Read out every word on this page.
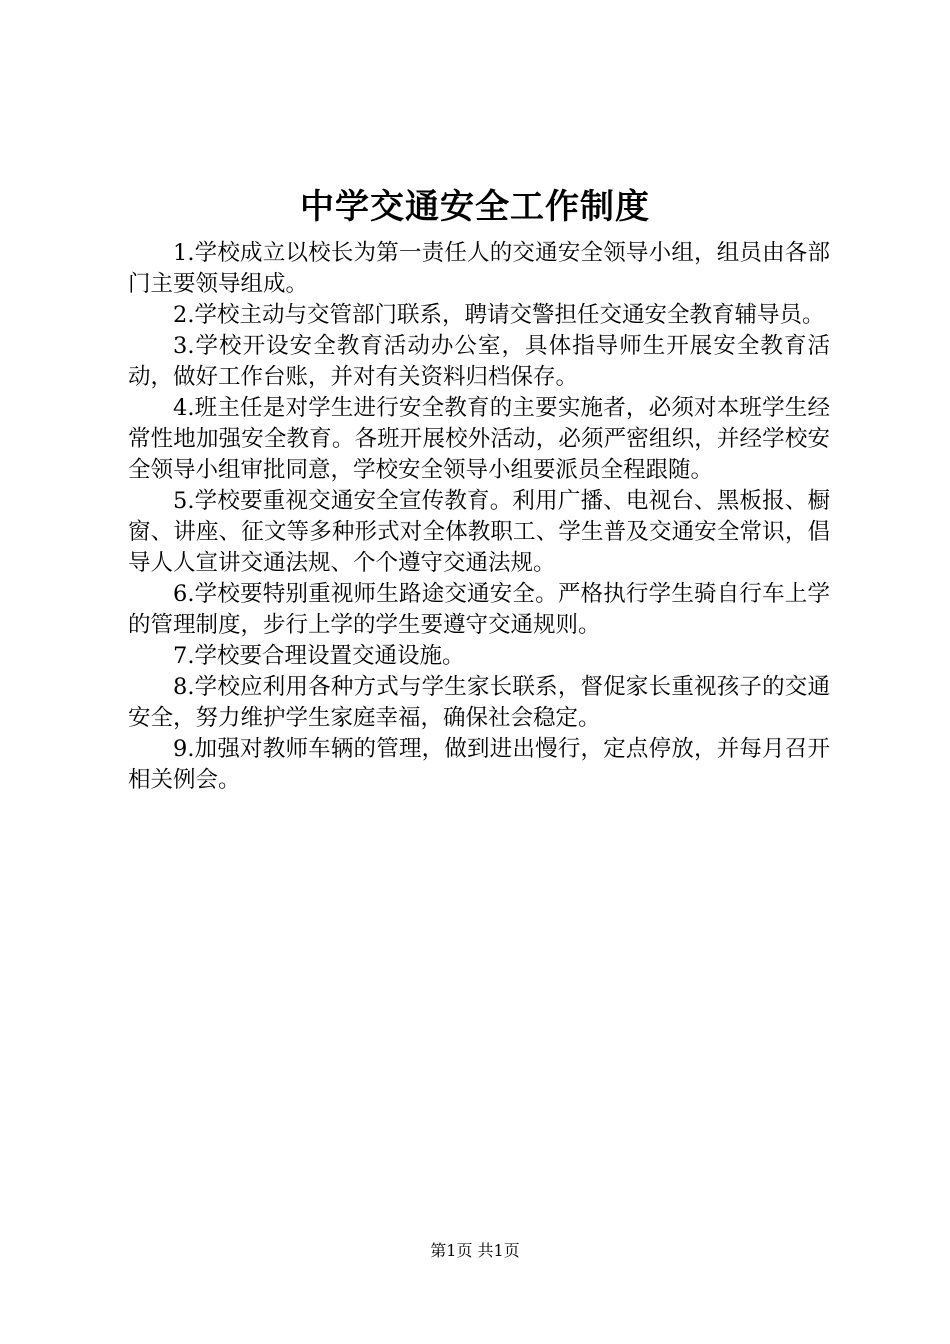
中学交通安全工作制度

1.学校成立以校长为第一责任人的交通安全领导小组，组员由各部门主要领导组成。

2.学校主动与交管部门联系，聘请交警担任交通安全教育辅导员。

3.学校开设安全教育活动办公室，具体指导师生开展安全教育活动，做好工作台账，并对有关资料归档保存。

4.班主任是对学生进行安全教育的主要实施者，必须对本班学生经常性地加强安全教育。各班开展校外活动，必须严密组织，并经学校安全领导小组审批同意，学校安全领导小组要派员全程跟随。

5.学校要重视交通安全宣传教育。利用广播、电视台、黑板报、橱窗、讲座、征文等多种形式对全体教职工、学生普及交通安全常识，倡导人人宣讲交通法规、个个遵守交通法规。

6.学校要特别重视师生路途交通安全。严格执行学生骑自行车上学的管理制度，步行上学的学生要遵守交通规则。

7.学校要合理设置交通设施。

8.学校应利用各种方式与学生家长联系，督促家长重视孩子的交通安全，努力维护学生家庭幸福，确保社会稳定。

9.加强对教师车辆的管理，做到进出慢行，定点停放，并每月召开相关例会。

第1页 共1页
